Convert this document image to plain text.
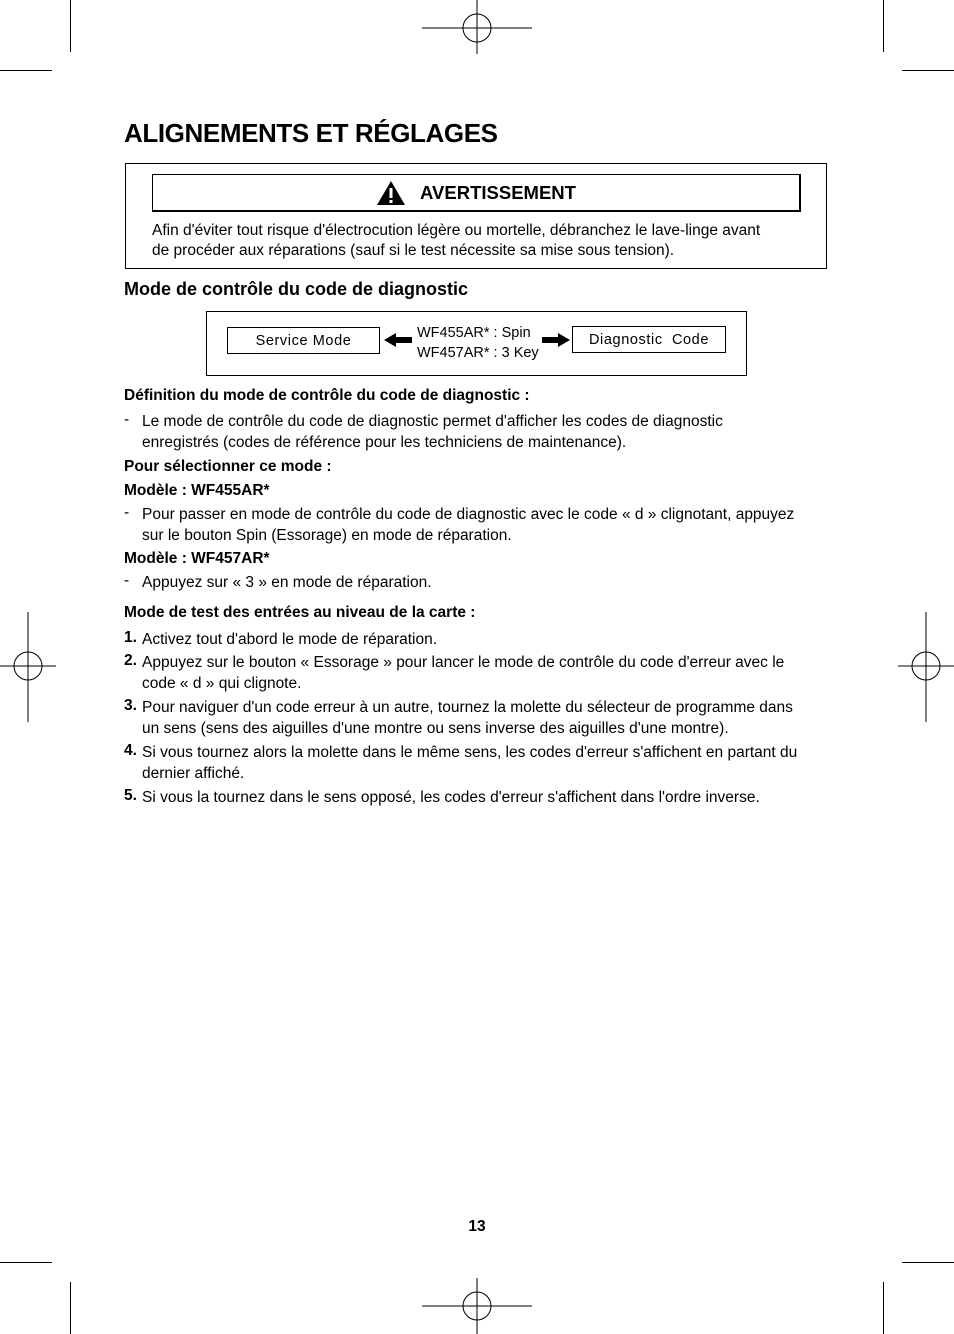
ALIGNEMENTS ET RÉGLAGES
AVERTISSEMENT
Afin d'éviter tout risque d'électrocution légère ou mortelle, débranchez le lave-linge avant
de procéder aux réparations (sauf si le test nécessite sa mise sous tension).
Mode de contrôle du code de diagnostic
Service Mode	WF455AR* : Spin
WF457AR* : 3 Key
Diagnostic  Code
Définition du mode de contrôle du code de diagnostic :
- Le mode de contrôle du code de diagnostic permet d'afficher les codes de diagnostic
enregistrés (codes de référence pour les techniciens de maintenance).
Pour sélectionner ce mode :
Modèle : WF455AR*
- Pour passer en mode de contrôle du code de diagnostic avec le code « d » clignotant, appuyez
sur le bouton Spin (Essorage) en mode de réparation.
Modèle : WF457AR*
- Appuyez sur « 3 » en mode de réparation.
Mode de test des entrées au niveau de la carte :
1. Activez tout d'abord le mode de réparation.
2. Appuyez sur le bouton « Essorage » pour lancer le mode de contrôle du code d'erreur avec le
code « d » qui clignote.
3. Pour naviguer d'un code erreur à un autre, tournez la molette du sélecteur de programme dans
un sens (sens des aiguilles d'une montre ou sens inverse des aiguilles d'une montre).
4. Si vous tournez alors la molette dans le même sens, les codes d'erreur s'affichent en partant du
dernier affiché.
5. Si vous la tournez dans le sens opposé, les codes d'erreur s'affichent dans l'ordre inverse.
13
